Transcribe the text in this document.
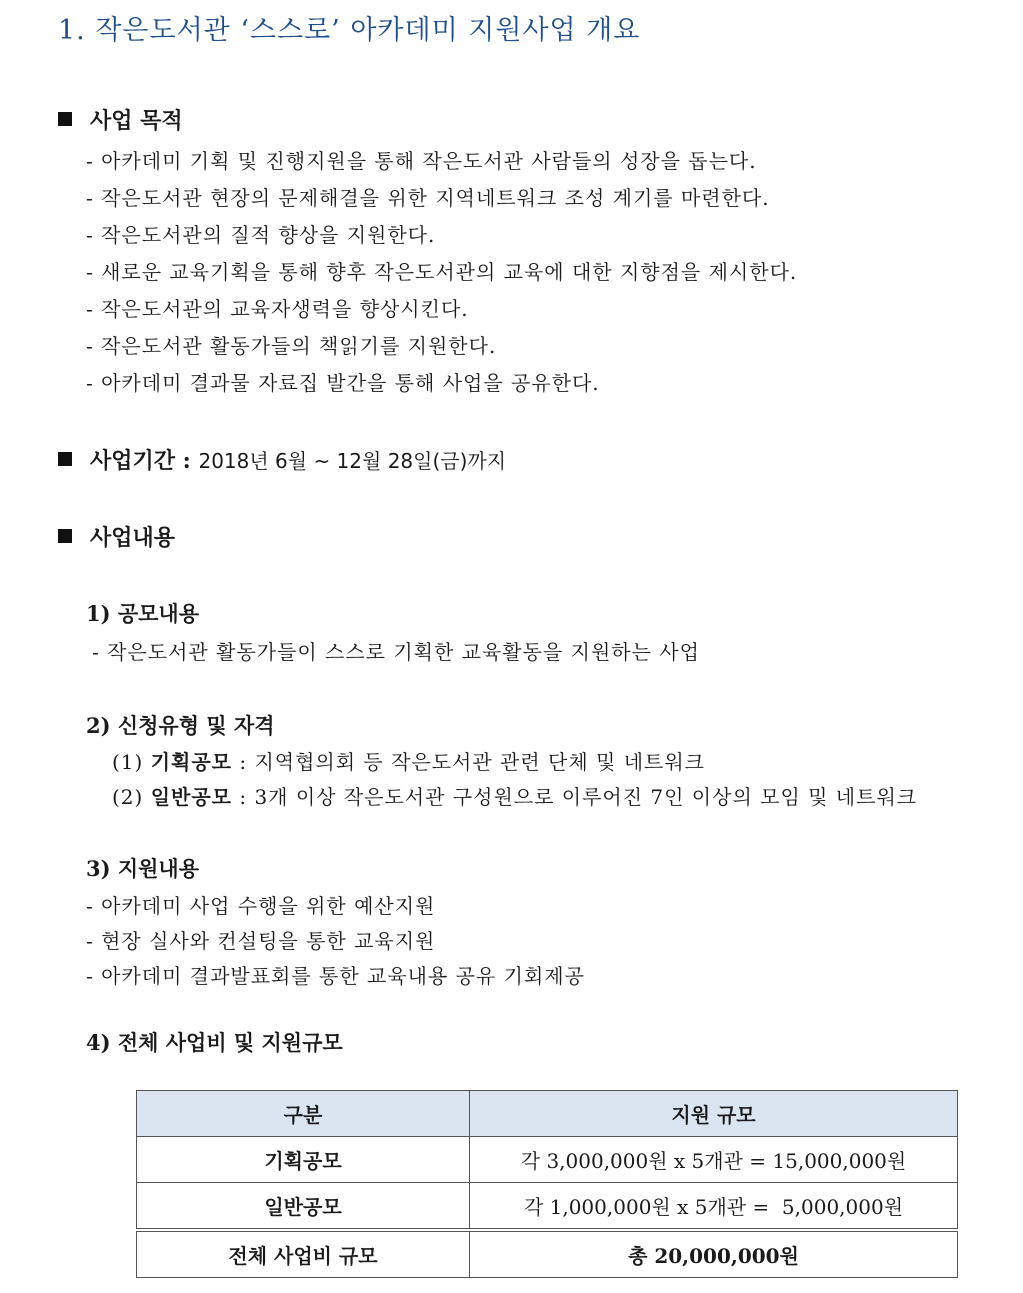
1. 작은도서관 ‘스스로’ 아카데미 지원사업 개요
사업 목적
- 아카데미 기획 및 진행지원을 통해 작은도서관 사람들의 성장을 돕는다.
- 작은도서관 현장의 문제해결을 위한 지역네트워크 조성 계기를 마련한다.
- 작은도서관의 질적 향상을 지원한다.
- 새로운 교육기획을 통해 향후 작은도서관의 교육에 대한 지향점을 제시한다.
- 작은도서관의 교육자생력을 향상시킨다.
- 작은도서관 활동가들의 책읽기를 지원한다.
- 아카데미 결과물 자료집 발간을 통해 사업을 공유한다.
사업기간 : 2018년 6월 ~ 12월 28일(금)까지
사업내용
1) 공모내용
- 작은도서관 활동가들이 스스로 기획한 교육활동을 지원하는 사업
2) 신청유형 및 자격
(1) 기획공모 : 지역협의회 등 작은도서관 관련 단체 및 네트워크
(2) 일반공모 : 3개 이상 작은도서관 구성원으로 이루어진 7인 이상의 모임 및 네트워크
3) 지원내용
- 아카데미 사업 수행을 위한 예산지원
- 현장 실사와 컨설팅을 통한 교육지원
- 아카데미 결과발표회를 통한 교육내용 공유 기회제공
4) 전체 사업비 및 지원규모
구분	지원 규모
기획공모	각 3,000,000원 x 5개관 = 15,000,000원
일반공모	각 1,000,000원 x 5개관 =  5,000,000원
전체 사업비 규모	총 20,000,000원
